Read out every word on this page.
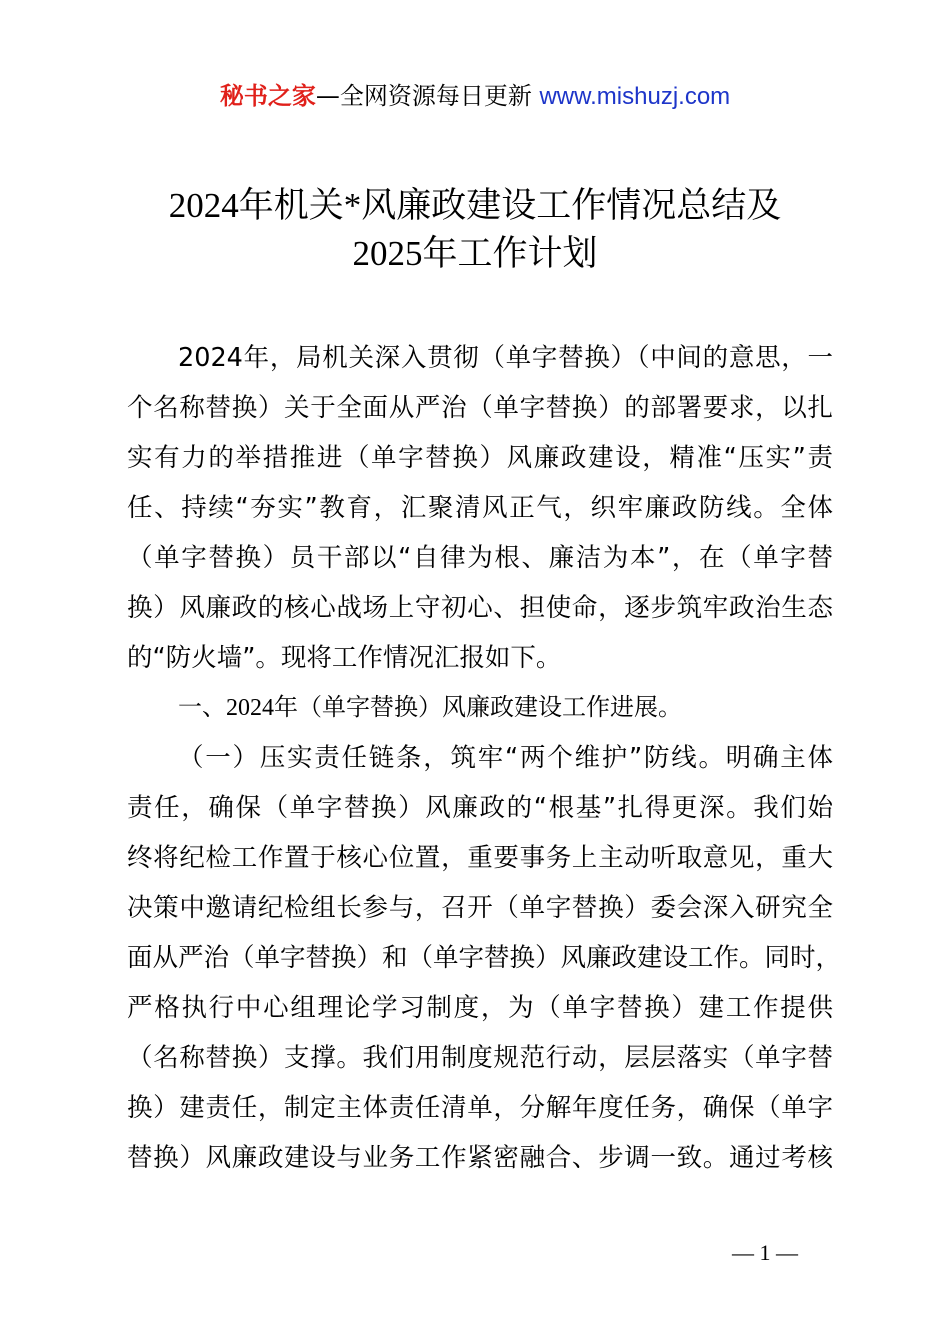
秘书之家—全网资源每日更新 www.mishuzj.com
2024年机关*风廉政建设工作情况总结及
2025年工作计划
2024年，局机关深入贯彻（单字替换）（中间的意思，一
个名称替换）关于全面从严治（单字替换）的部署要求，以扎
实有力的举措推进（单字替换）风廉政建设，精准“压实”责
任、持续“夯实”教育，汇聚清风正气，织牢廉政防线。全体
（单字替换）员干部以“自律为根、廉洁为本”，在（单字替
换）风廉政的核心战场上守初心、担使命，逐步筑牢政治生态
的“防火墙”。现将工作情况汇报如下。
一、2024年（单字替换）风廉政建设工作进展。
（一）压实责任链条，筑牢“两个维护”防线。明确主体
责任，确保（单字替换）风廉政的“根基”扎得更深。我们始
终将纪检工作置于核心位置，重要事务上主动听取意见，重大
决策中邀请纪检组长参与，召开（单字替换）委会深入研究全
面从严治（单字替换）和（单字替换）风廉政建设工作。同时，
严格执行中心组理论学习制度，为（单字替换）建工作提供
（名称替换）支撑。我们用制度规范行动，层层落实（单字替
换）建责任，制定主体责任清单，分解年度任务，确保（单字
替换）风廉政建设与业务工作紧密融合、步调一致。通过考核
— 1 —
